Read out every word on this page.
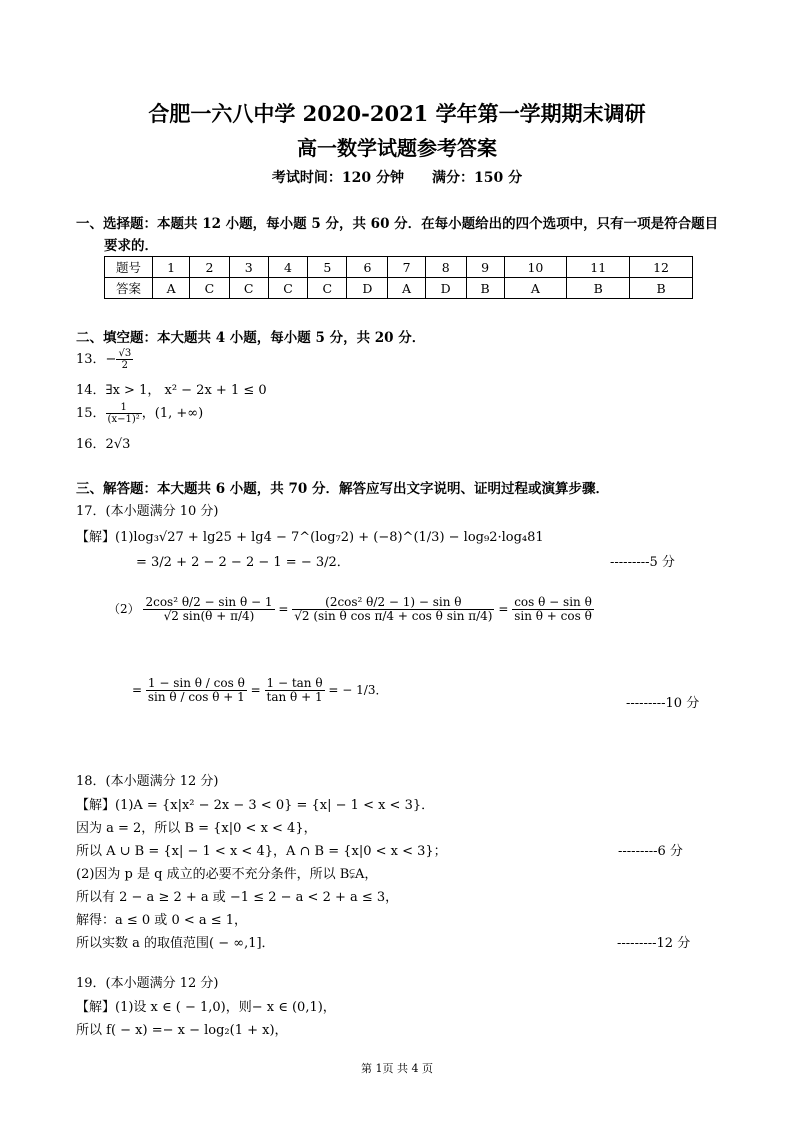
合肥一六八中学 2020-2021 学年第一学期期末调研
高一数学试题参考答案
考试时间：120 分钟　　满分：150 分
一、选择题：本题共 12 小题，每小题 5 分，共 60 分．在每小题给出的四个选项中，只有一项是符合题目
要求的．
题号	1	2	3	4	5	6	7	8	9	10	11	12
答案	A	C	C	C	C	D	A	D	B	A	B	B
二、填空题：本大题共 4 小题，每小题 5 分，共 20 分．
13．− $\frac{√3}{2}$
14．∃x > 1， x² − 2x + 1 ≤ 0
15． $\frac{1}{\text{(x−1)²}}$ ，(1, +∞)
16．2√3
三、解答题：本大题共 6 小题，共 70 分．解答应写出文字说明、证明过程或演算步骤．
17．(本小题满分 10 分)
【解】(1)log₃√27 + lg25 + lg4 − 7^(log₇2) + (−8)^(1/3) − log₉2·log₄81
= 3/2 + 2 − 2 − 2 − 1 = − 3/2．	---------5 分
$(2) \frac{\text{2cos² θ/2 − sin θ − 1}}{√2 \sin(\theta + \pi/4)} = \frac{\text{(2cos² θ/2 − 1) − sin θ}}{\text{√2 (sin θ cos π/4 + cos θ sin π/4)}} = \frac{\text{cos θ − sin θ}}{\text{sin θ + cos θ}}$
= $\frac{\text{1 − sin θ / cos θ}}{\text{sin θ / cos θ + 1}} = \frac{\text{1 − tan θ}}{\text{tan θ + 1}}$ = − 1/3．
---------10 分
18．(本小题满分 12 分)
【解】(1)A = {x|x² − 2x − 3 < 0} = {x| − 1 < x < 3}．
因为 a = 2，所以 B = {x|0 < x < 4}，
所以 A ∪ B = {x| − 1 < x < 4}，A ∩ B = {x|0 < x < 3}；	---------6 分
(2)因为 p 是 q 成立的必要不充分条件，所以 B⫋A，
所以有 2 − a ≥ 2 + a 或 −1 ≤ 2 − a < 2 + a ≤ 3，
解得：a ≤ 0 或 0 < a ≤ 1，
所以实数 a 的取值范围( − ∞,1]．	---------12 分
19．(本小题满分 12 分)
【解】(1)设 x ∈ ( − 1,0)，则− x ∈ (0,1)，
所以 f( − x) =− x − log₂(1 + x)，
第 1页 共 4 页
